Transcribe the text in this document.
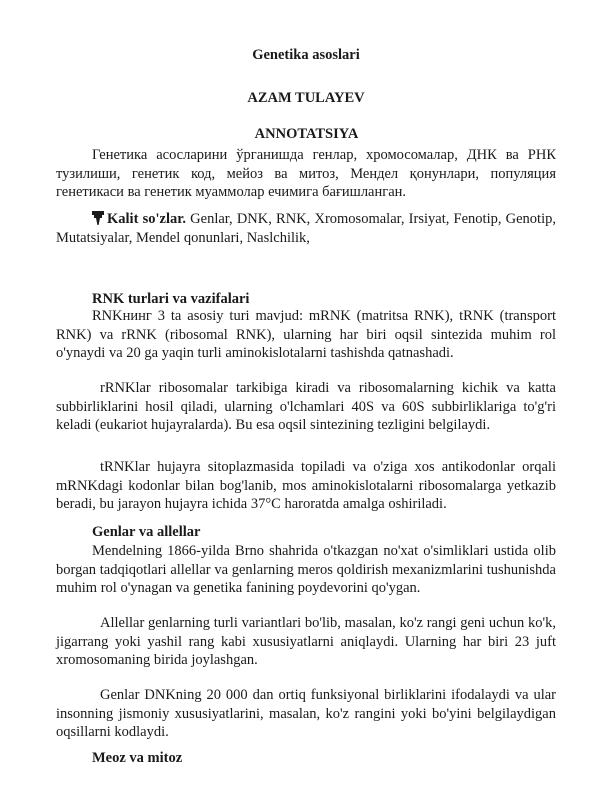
Genetika asoslari
AZAM TULAYEV
ANNOTATSIYA

Генетика асосларини ўрганишда генлар, хромосомалар, ДНК ва РНК тузилиши, генетик код, мейоз ва митоз, Мендел қонунлари, популяция генетикаси ва генетик муаммолар ечимига бағишланган.

Kalit so'zlar. Genlar, DNK, RNK, Xromosomalar, Irsiyat, Fenotip, Genotip, Mutatsiyalar, Mendel qonunlari, Naslchilik,

RNK turlari va vazifalari

RNKнинг 3 ta asosiy turi mavjud: mRNK (matritsa RNK), tRNK (transport RNK) va rRNK (ribosomal RNK), ularning har biri oqsil sintezida muhim rol o'ynaydi va 20 ga yaqin turli aminokislotalarni tashishda qatnashadi.

rRNKlar ribosomalar tarkibiga kiradi va ribosomalarning kichik va katta subbirliklarini hosil qiladi, ularning o'lchamlari 40S va 60S subbirliklariga to'g'ri keladi (eukariot hujayralarda). Bu esa oqsil sintezining tezligini belgilaydi.

tRNKlar hujayra sitoplazmasida topiladi va o'ziga xos antikodonlar orqali mRNKdagi kodonlar bilan bog'lanib, mos aminokislotalarni ribosomalarga yetkazib beradi, bu jarayon hujayra ichida 37°C haroratda amalga oshiriladi.

Genlar va allellar

Mendelning 1866-yilda Brno shahrida o'tkazgan no'xat o'simliklari ustida olib borgan tadqiqotlari allellar va genlarning meros qoldirish mexanizmlarini tushunishda muhim rol o'ynagan va genetika fanining poydevorini qo'ygan.

Allellar genlarning turli variantlari bo'lib, masalan, ko'z rangi geni uchun ko'k, jigarrang yoki yashil rang kabi xususiyatlarni aniqlaydi. Ularning har biri 23 juft xromosomaning birida joylashgan.

Genlar DNKning 20 000 dan ortiq funksiyonal birliklarini ifodalaydi va ular insonning jismoniy xususiyatlarini, masalan, ko'z rangini yoki bo'yini belgilaydigan oqsillarni kodlaydi.

Meoz va mitoz
